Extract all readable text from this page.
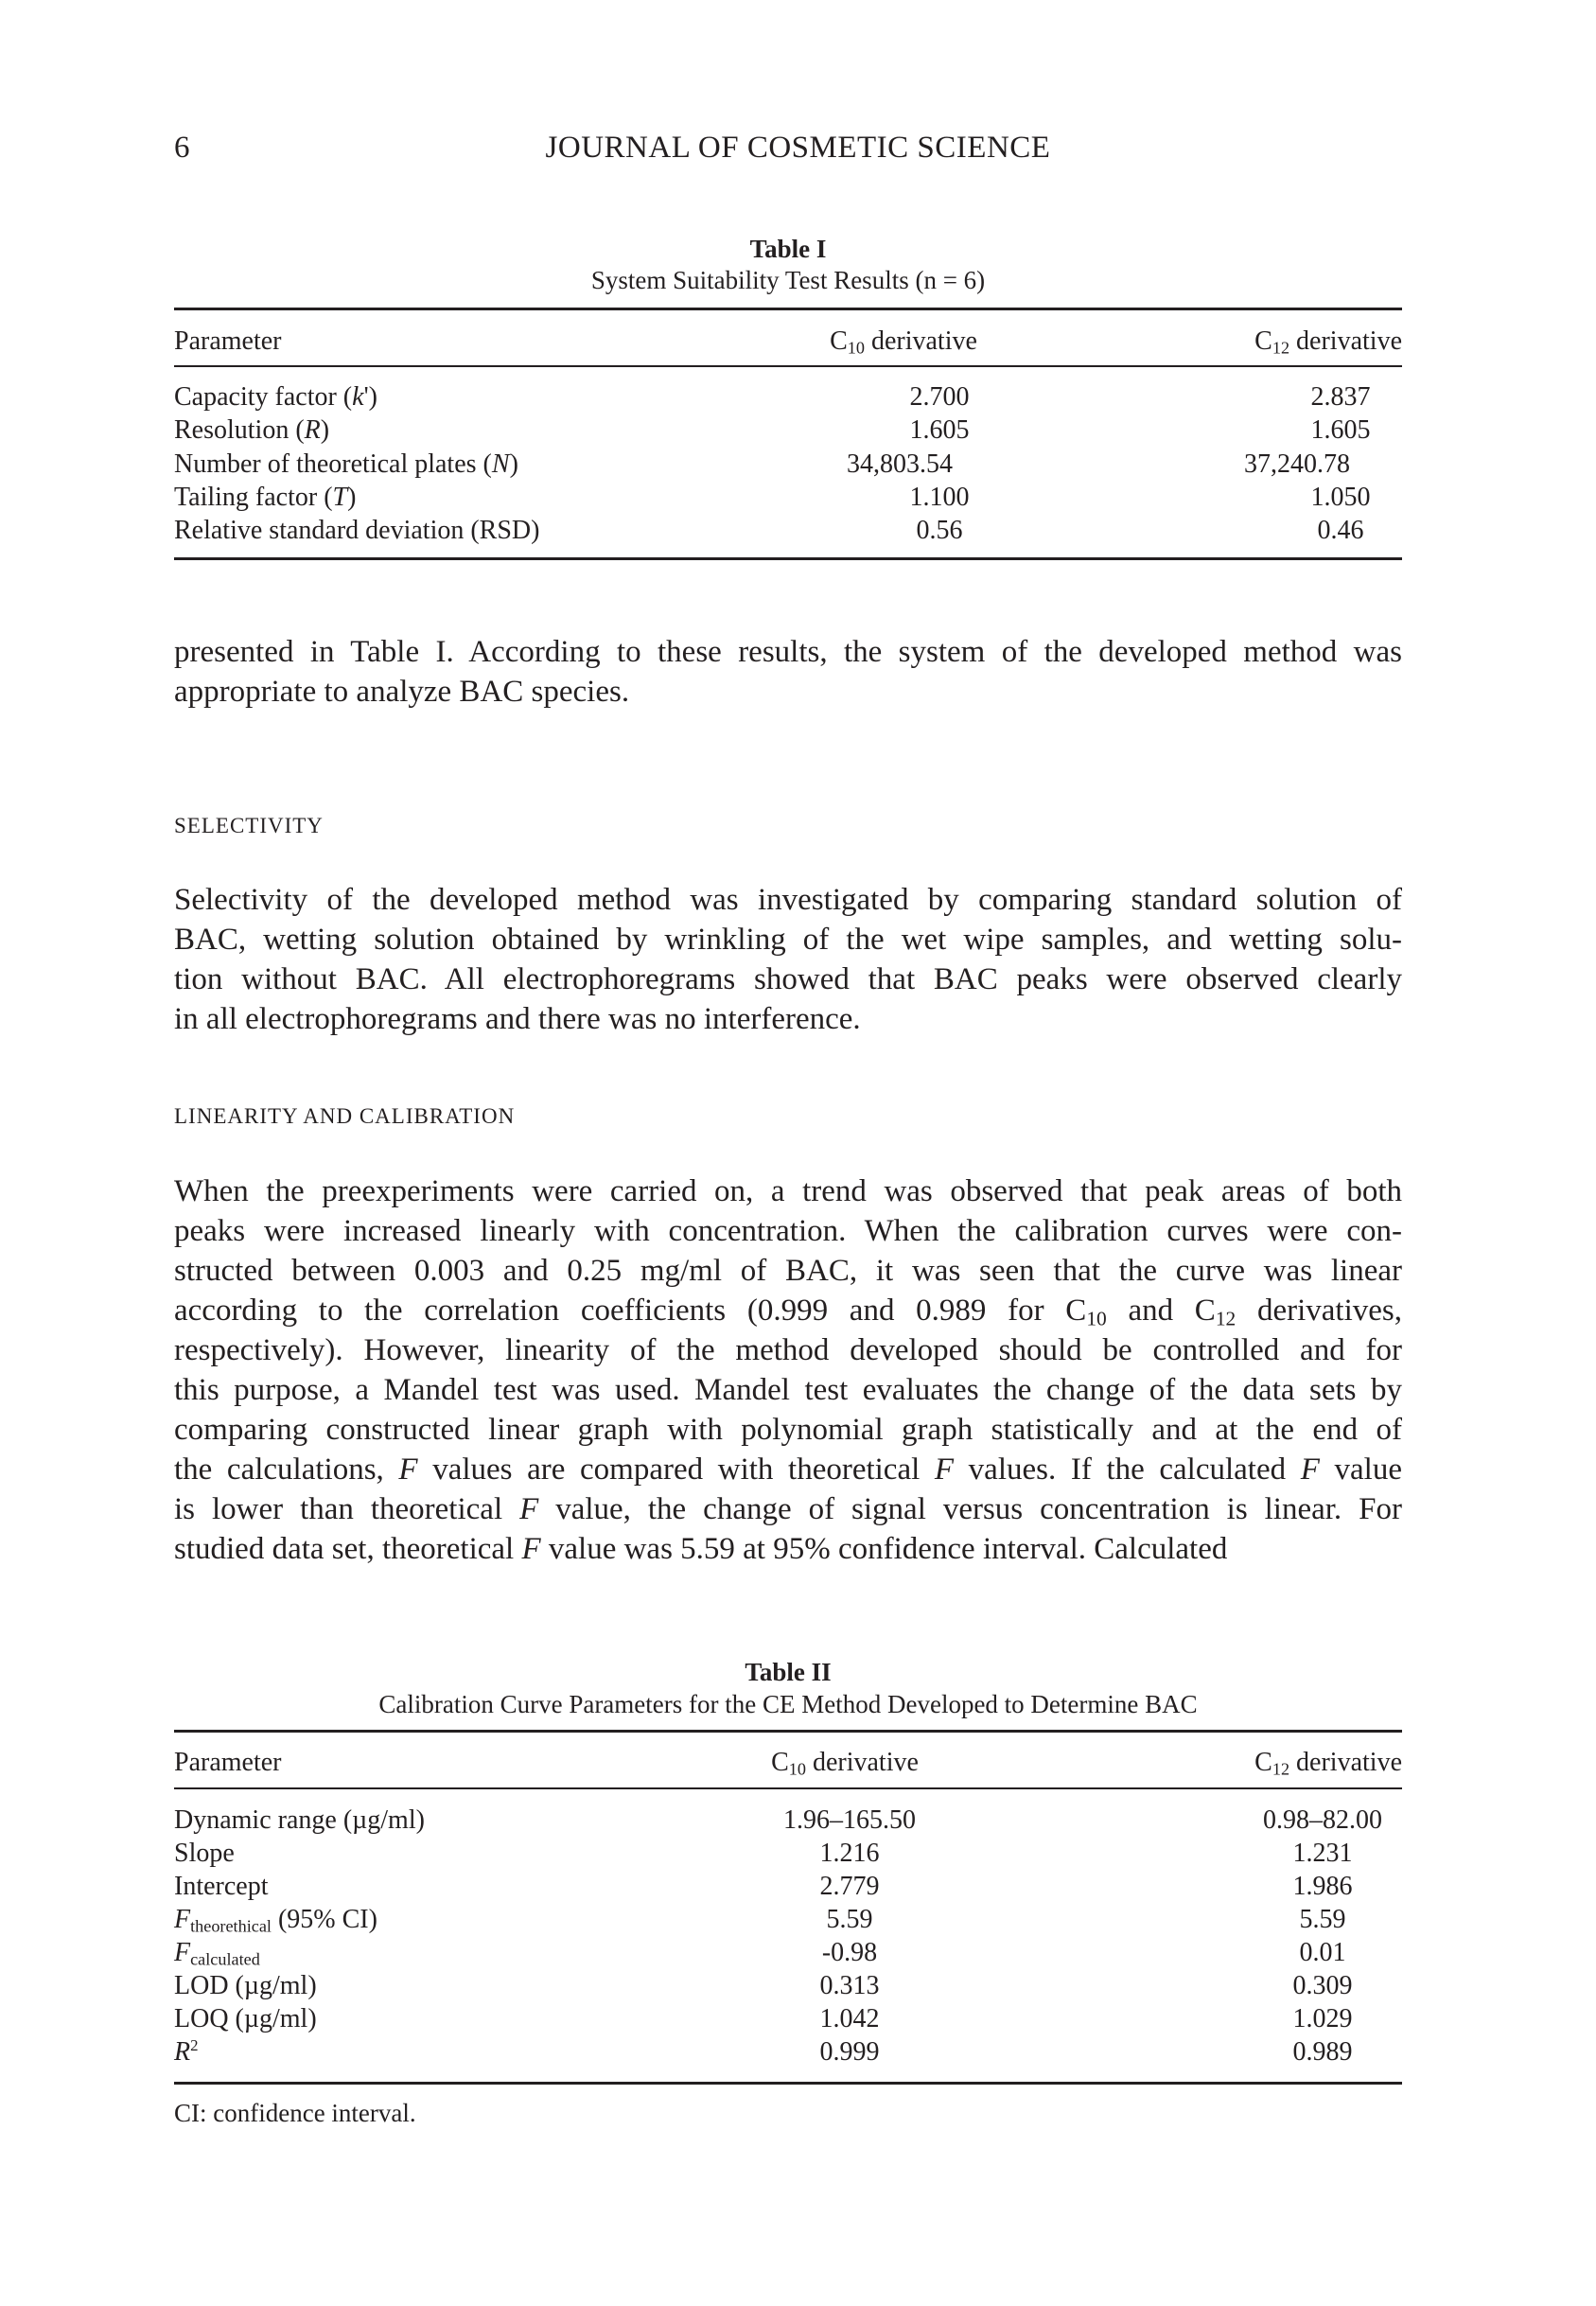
6	JOURNAL OF COSMETIC SCIENCE
Table I
System Suitability Test Results (n = 6)
Parameter	$C_{10}$ derivative	$C_{12}$ derivative
Capacity factor (k')	2.700	2.837
Resolution (R)	1.605	1.605
Number of theoretical plates (N)	34,803.54	37,240.78
Tailing factor (T)	1.100	1.050
Relative standard deviation (RSD)	0.56	0.46
presented in Table I. According to these results, the system of the developed method was
appropriate to analyze BAC species.
SELECTIVITY
Selectivity of the developed method was investigated by comparing standard solution of
BAC, wetting solution obtained by wrinkling of the wet wipe samples, and wetting solu-
tion without BAC. All electrophoregrams showed that BAC peaks were observed clearly
in all electrophoregrams and there was no interference.
LINEARITY AND CALIBRATION
When the preexperiments were carried on, a trend was observed that peak areas of both
peaks were increased linearly with concentration. When the calibration curves were con-
structed between 0.003 and 0.25 mg/ml of BAC, it was seen that the curve was linear
according to the correlation coefficients (0.999 and 0.989 for $C_{10}$ and $C_{12}$ derivatives,
respectively). However, linearity of the method developed should be controlled and for
this purpose, a Mandel test was used. Mandel test evaluates the change of the data sets by
comparing constructed linear graph with polynomial graph statistically and at the end of
the calculations, F values are compared with theoretical F values. If the calculated F value
is lower than theoretical F value, the change of signal versus concentration is linear. For
studied data set, theoretical F value was 5.59 at 95% confidence interval. Calculated
Table II
Calibration Curve Parameters for the CE Method Developed to Determine BAC
Parameter	$C_{10}$ derivative	$C_{12}$ derivative
Dynamic range (µg/ml)	1.96–165.50	0.98–82.00
Slope	1.216	1.231
Intercept	2.779	1.986
$F_{theorethical}$ (95% CI)	5.59	5.59
$F_{calculated}$	-0.98	0.01
LOD (µg/ml)	0.313	0.309
LOQ (µg/ml)	1.042	1.029
$R^2$	0.999	0.989
CI: confidence interval.
